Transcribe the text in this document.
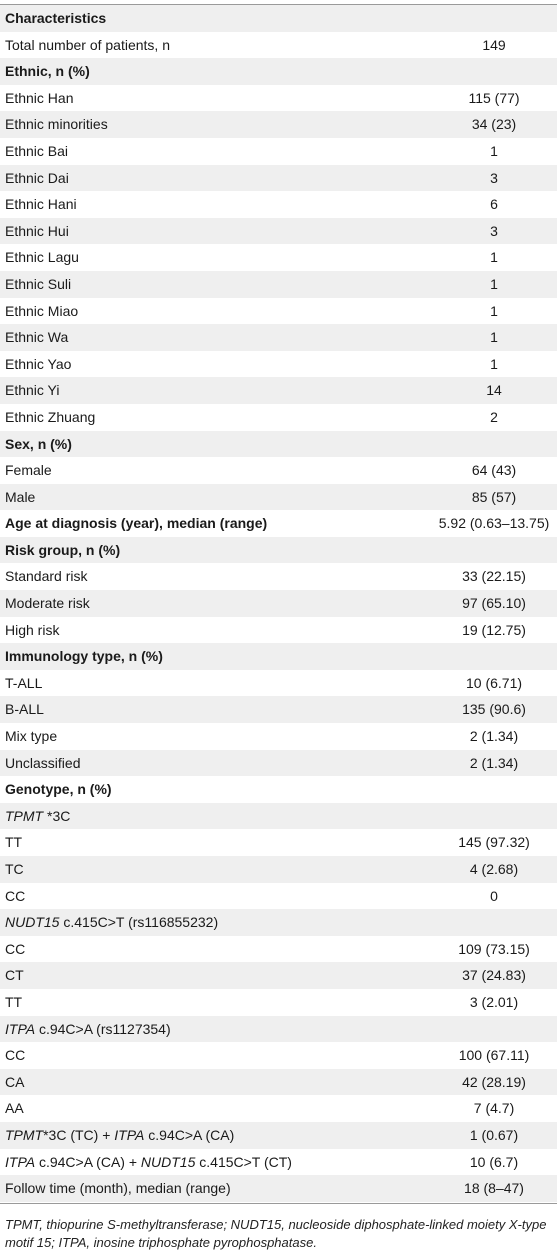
Characteristics
Total number of patients, n	149
Ethnic, n (%)
Ethnic Han	115 (77)
Ethnic minorities	34 (23)
Ethnic Bai	1
Ethnic Dai	3
Ethnic Hani	6
Ethnic Hui	3
Ethnic Lagu	1
Ethnic Suli	1
Ethnic Miao	1
Ethnic Wa	1
Ethnic Yao	1
Ethnic Yi	14
Ethnic Zhuang	2
Sex, n (%)
Female	64 (43)
Male	85 (57)
Age at diagnosis (year), median (range)	5.92 (0.63–13.75)
Risk group, n (%)
Standard risk	33 (22.15)
Moderate risk	97 (65.10)
High risk	19 (12.75)
Immunology type, n (%)
T-ALL	10 (6.71)
B-ALL	135 (90.6)
Mix type	2 (1.34)
Unclassified	2 (1.34)
Genotype, n (%)
TPMT *3C
TT	145 (97.32)
TC	4 (2.68)
CC	0
NUDT15 c.415C>T (rs116855232)
CC	109 (73.15)
CT	37 (24.83)
TT	3 (2.01)
ITPA c.94C>A (rs1127354)
CC	100 (67.11)
CA	42 (28.19)
AA	7 (4.7)
TPMT*3C (TC) + ITPA c.94C>A (CA)	1 (0.67)
ITPA c.94C>A (CA) + NUDT15 c.415C>T (CT)	10 (6.7)
Follow time (month), median (range)	18 (8–47)
TPMT, thiopurine S-methyltransferase; NUDT15, nucleoside diphosphate-linked moiety X-type motif 15; ITPA, inosine triphosphate pyrophosphatase.
